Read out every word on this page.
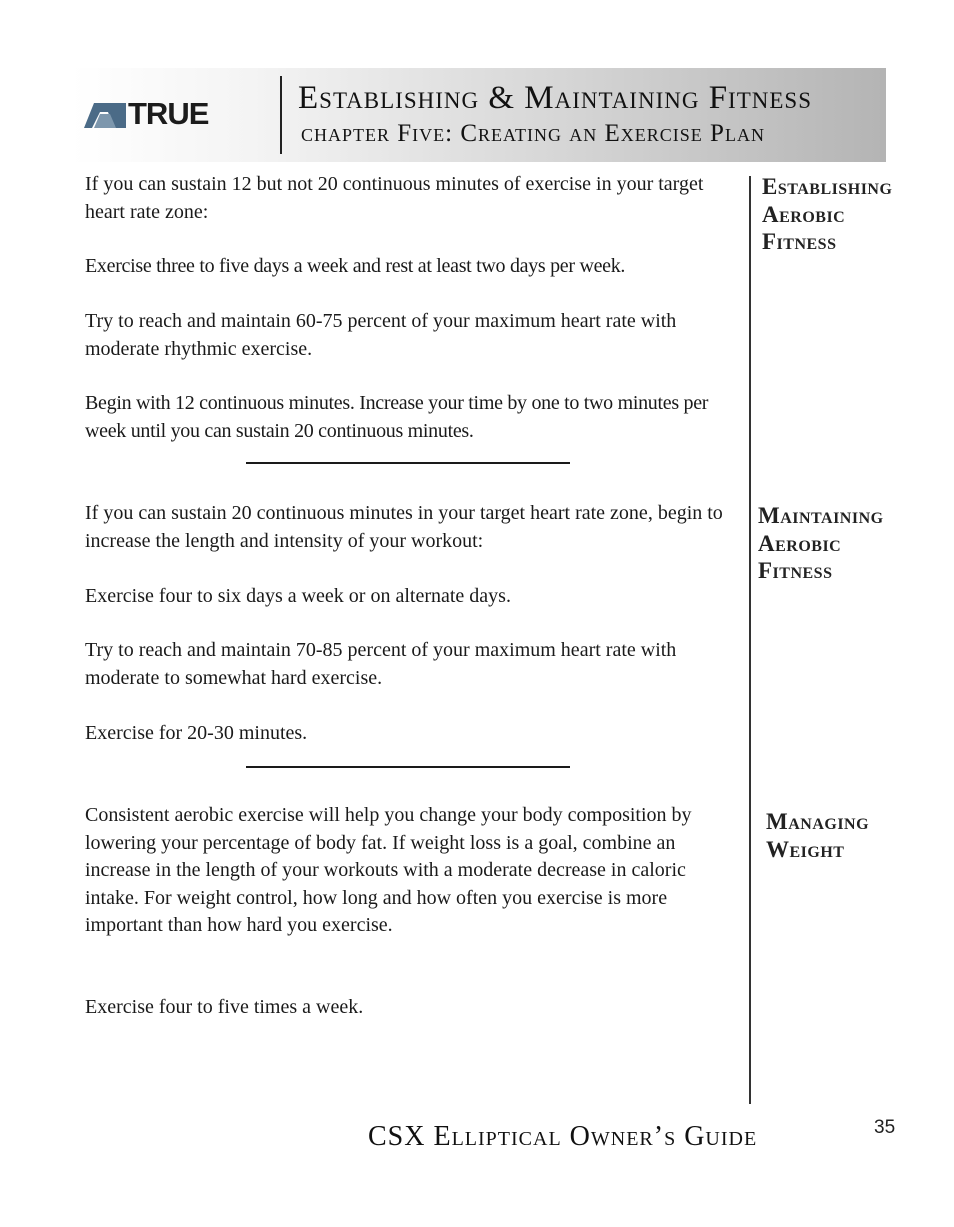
TRUE	Establishing & Maintaining Fitness
chapter Five: Creating an Exercise Plan

If you can sustain 12 but not 20 continuous minutes of exercise in your target heart rate zone:

Exercise three to five days a week and rest at least two days per week.

Try to reach and maintain 60-75 percent of your maximum heart rate with moderate rhythmic exercise.

Begin with 12 continuous minutes. Increase your time by one to two minutes per week until you can sustain 20 continuous minutes.

If you can sustain 20 continuous minutes in your target heart rate zone, begin to increase the length and intensity of your workout:

Exercise four to six days a week or on alternate days.

Try to reach and maintain 70-85 percent of your maximum heart rate with moderate to somewhat hard exercise.

Exercise for 20-30 minutes.

Consistent aerobic exercise will help you change your body composition by lowering your percentage of body fat. If weight loss is a goal, combine an increase in the length of your workouts with a moderate decrease in caloric intake. For weight control, how long and how often you exercise is more important than how hard you exercise.

Exercise four to five times a week.

Establishing
Aerobic
Fitness
Maintaining
Aerobic
Fitness
Managing
Weight
CSX Elliptical Owner’s Guide	35
